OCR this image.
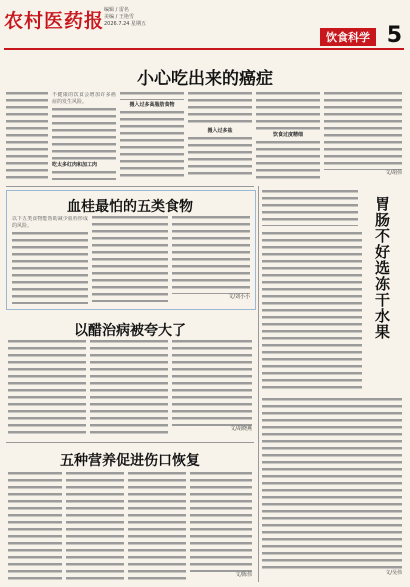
农村医药报 编辑 / 雷名
美编 / 王艳雪
2026.7.24 星期五
饮食科学 5
小心吃出来的癌症
不健康的饮食会增加许多癌症的发生风险。
吃太多红肉和加工肉
摄入过多高脂肪食物
摄入过多盐
饮食过度精细
文/胡伟
血桂最怕的五类食物
以下五类食物能帮助减少血栓形成的风险。
文/刘小小
以醋治病被夸大了
文/胡晓燕
五种营养促进伤口恢复
文/陈伟
胃肠不好选冻干水果
文/吴伟
